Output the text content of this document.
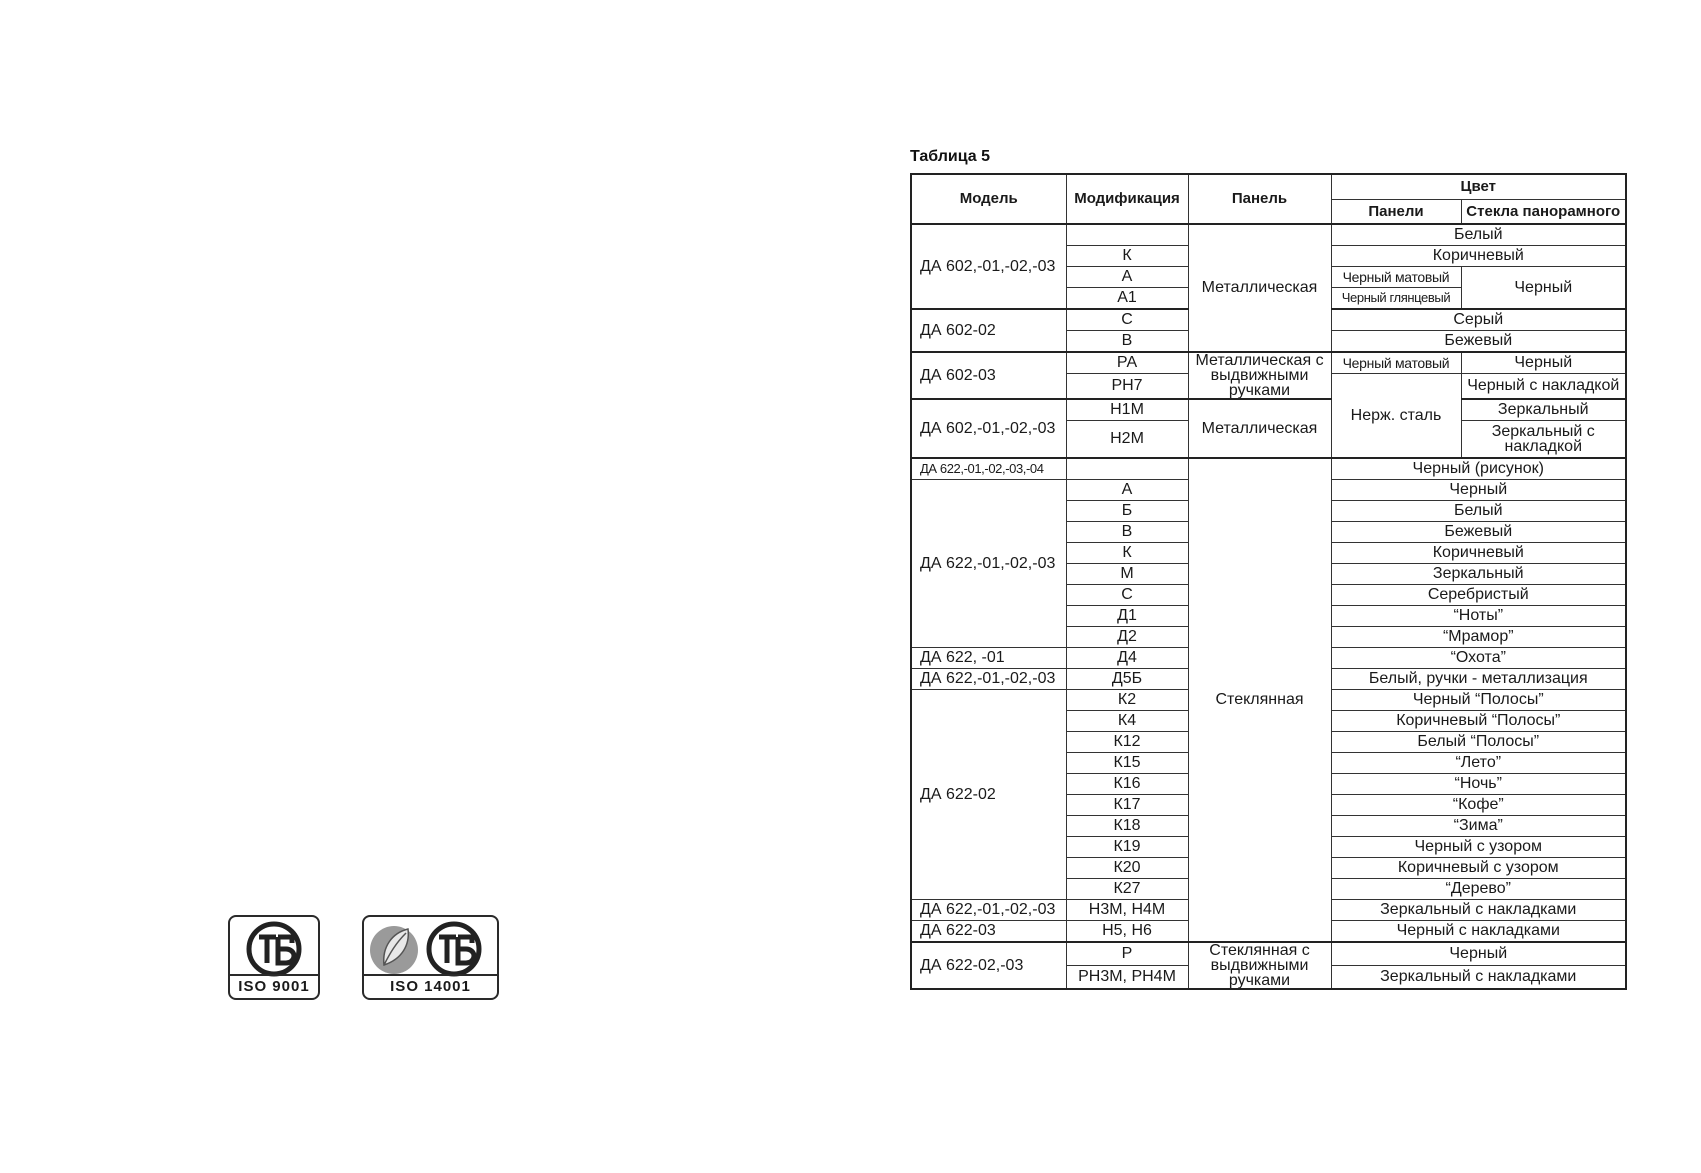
ISO 9001	ISO 14001
Таблица 5
Модель	Модификация	Панель	Цвет	
			Панели	Стекла панорамного
ДА 602,-01,-02,-03		Металлическая	Белый	
	К		Коричневый	
	А		Черный матовый	Черный
	А1		Черный глянцевый	
ДА 602-02	С		Серый	
	В		Бежевый	
ДА 602-03	РА	Металлическая с выдвижными ручками	Черный матовый	Черный
	РН7		Нерж. сталь	Черный с накладкой
ДА 602,-01,-02,-03	Н1М	Металлическая		Зеркальный
	Н2М			Зеркальный с накладкой
ДА 622,-01,-02,-03,-04		Стеклянная	Черный (рисунок)	
ДА 622,-01,-02,-03	А		Черный	
	Б		Белый	
	В		Бежевый	
	К		Коричневый	
	М		Зеркальный	
	С		Серебристый	
	Д1		“Ноты”	
	Д2		“Мрамор”	
ДА 622, -01	Д4		“Охота”	
ДА 622,-01,-02,-03	Д5Б		Белый, ручки - металлизация	
ДА 622-02	К2		Черный “Полосы”	
	К4		Коричневый “Полосы”	
	К12		Белый “Полосы”	
	К15		“Лето”	
	К16		“Ночь”	
	К17		“Кофе”	
	К18		“Зима”	
	К19		Черный с узором	
	К20		Коричневый с узором	
	К27		“Дерево”	
ДА 622,-01,-02,-03	Н3М, Н4М		Зеркальный с накладками	
ДА 622-03	Н5, Н6		Черный с накладками	
ДА 622-02,-03	Р	Стеклянная с выдвижными ручками	Черный	
	РН3М, РН4М		Зеркальный с накладками	
